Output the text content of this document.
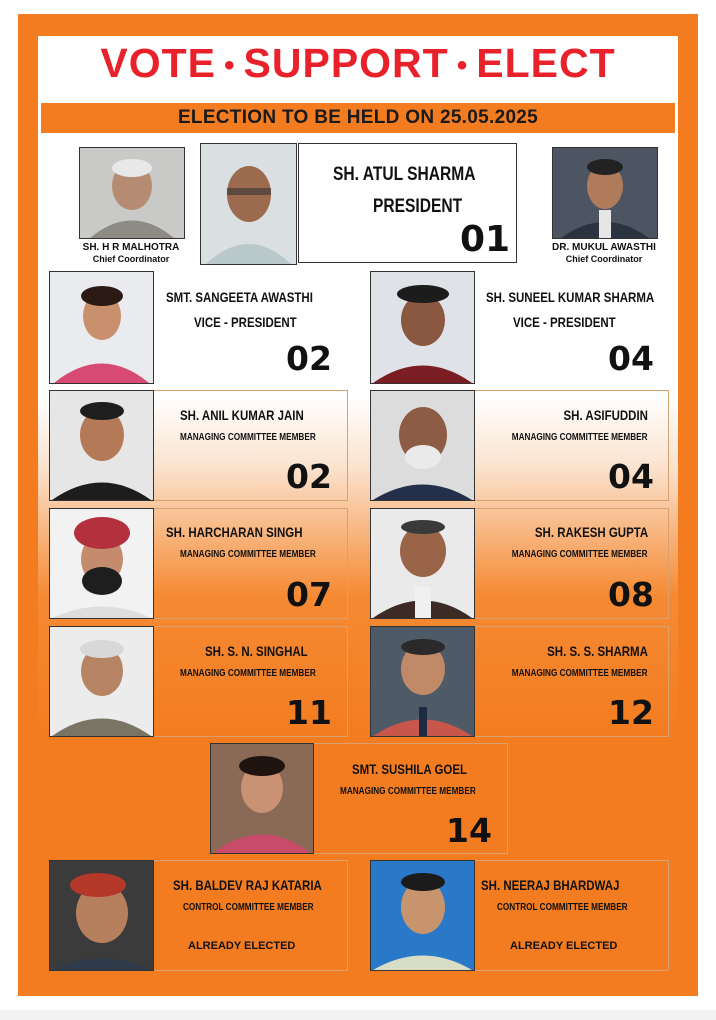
VOTE • SUPPORT • ELECT
ELECTION TO BE HELD ON 25.05.2025
SH. H R MALHOTRA
Chief Coordinator
SH. ATUL SHARMA
PRESIDENT
01	DR. MUKUL AWASTHI
Chief Coordinator
SMT. SANGEETA AWASTHI
VICE - PRESIDENT
02
SH. SUNEEL KUMAR SHARMA
VICE - PRESIDENT
04
SH. ANIL KUMAR JAIN
MANAGING COMMITTEE MEMBER
02
SH. ASIFUDDIN
MANAGING COMMITTEE MEMBER
04
SH. HARCHARAN SINGH
MANAGING COMMITTEE MEMBER
07
SH. RAKESH GUPTA
MANAGING COMMITTEE MEMBER
08
SH. S. N. SINGHAL
MANAGING COMMITTEE MEMBER
11
SH. S. S. SHARMA
MANAGING COMMITTEE MEMBER
12
SMT. SUSHILA GOEL
MANAGING COMMITTEE MEMBER
14
SH. BALDEV RAJ KATARIA
CONTROL COMMITTEE MEMBER
ALREADY ELECTED
SH. NEERAJ BHARDWAJ
CONTROL COMMITTEE MEMBER
ALREADY ELECTED
